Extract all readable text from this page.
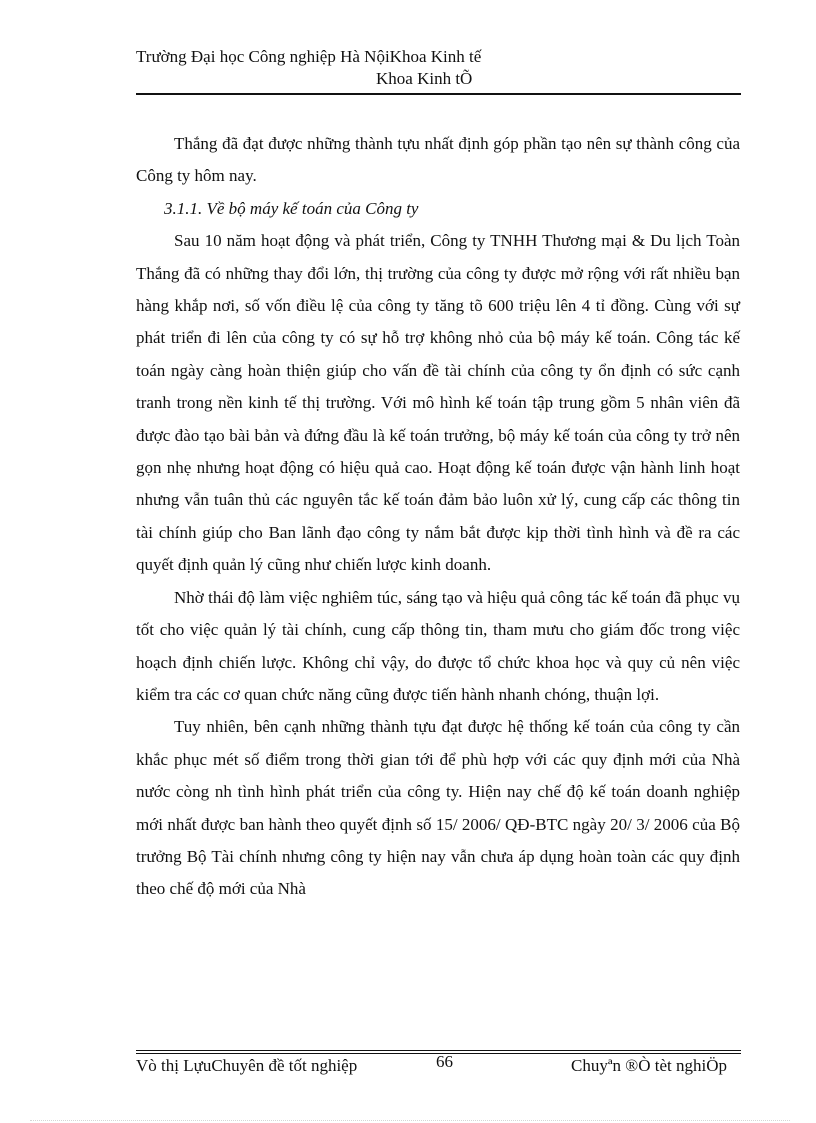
Trường Đại học Công nghiệp Hà NộiKhoa Kinh tế
Khoa Kinh tÕ

Thắng đã đạt được những thành tựu nhất định góp phần tạo nên sự thành công của Công ty hôm nay.

3.1.1. Về bộ máy kế toán của Công ty

Sau 10 năm hoạt động và phát triển, Công ty TNHH Thương mại & Du lịch Toàn Thắng đã có những thay đổi lớn, thị trường của công ty được mở rộng với rất nhiều bạn hàng khắp nơi, số vốn điều lệ của công ty tăng tõ 600 triệu lên 4 tỉ đồng. Cùng với sự phát triển đi lên của công ty có sự hỗ trợ không nhỏ của bộ máy kế toán. Công tác kế toán ngày càng hoàn thiện giúp cho vấn đề tài chính của công ty ổn định có sức cạnh tranh trong nền kinh tế thị trường. Với mô hình kế toán tập trung gồm 5 nhân viên đã được đào tạo bài bản và đứng đầu là kế toán trưởng, bộ máy kế toán của công ty trở nên gọn nhẹ nhưng hoạt động có hiệu quả cao. Hoạt động kế toán được vận hành linh hoạt nhưng vẫn tuân thủ các nguyên tắc kế toán đảm bảo luôn xử lý, cung cấp các thông tin tài chính giúp cho Ban lãnh đạo công ty nắm bắt được kịp thời tình hình và đề ra các quyết định quản lý cũng như chiến lược kinh doanh.

Nhờ thái độ làm việc nghiêm túc, sáng tạo và hiệu quả công tác kế toán đã phục vụ tốt cho việc quản lý tài chính, cung cấp thông tin, tham mưu cho giám đốc trong việc hoạch định chiến lược. Không chỉ vậy, do được tổ chức khoa học và quy củ nên việc kiểm tra các cơ quan chức năng cũng được tiến hành nhanh chóng, thuận lợi.

Tuy nhiên, bên cạnh những thành tựu đạt được hệ thống kế toán của công ty cần khắc phục mét số điểm trong thời gian tới để phù hợp với các quy định mới của Nhà nước còng nh tình hình phát triển của công ty. Hiện nay chế độ kế toán doanh nghiệp mới nhất được ban hành theo quyết định số 15/ 2006/ QĐ-BTC ngày 20/ 3/ 2006 của Bộ trưởng Bộ Tài chính nhưng công ty hiện nay vẫn chưa áp dụng hoàn toàn các quy định theo chế độ mới của Nhà

Vò thị LựuChuyên đề tốt nghiệp	66	Chuyªn ®Ò tèt nghiÖp
